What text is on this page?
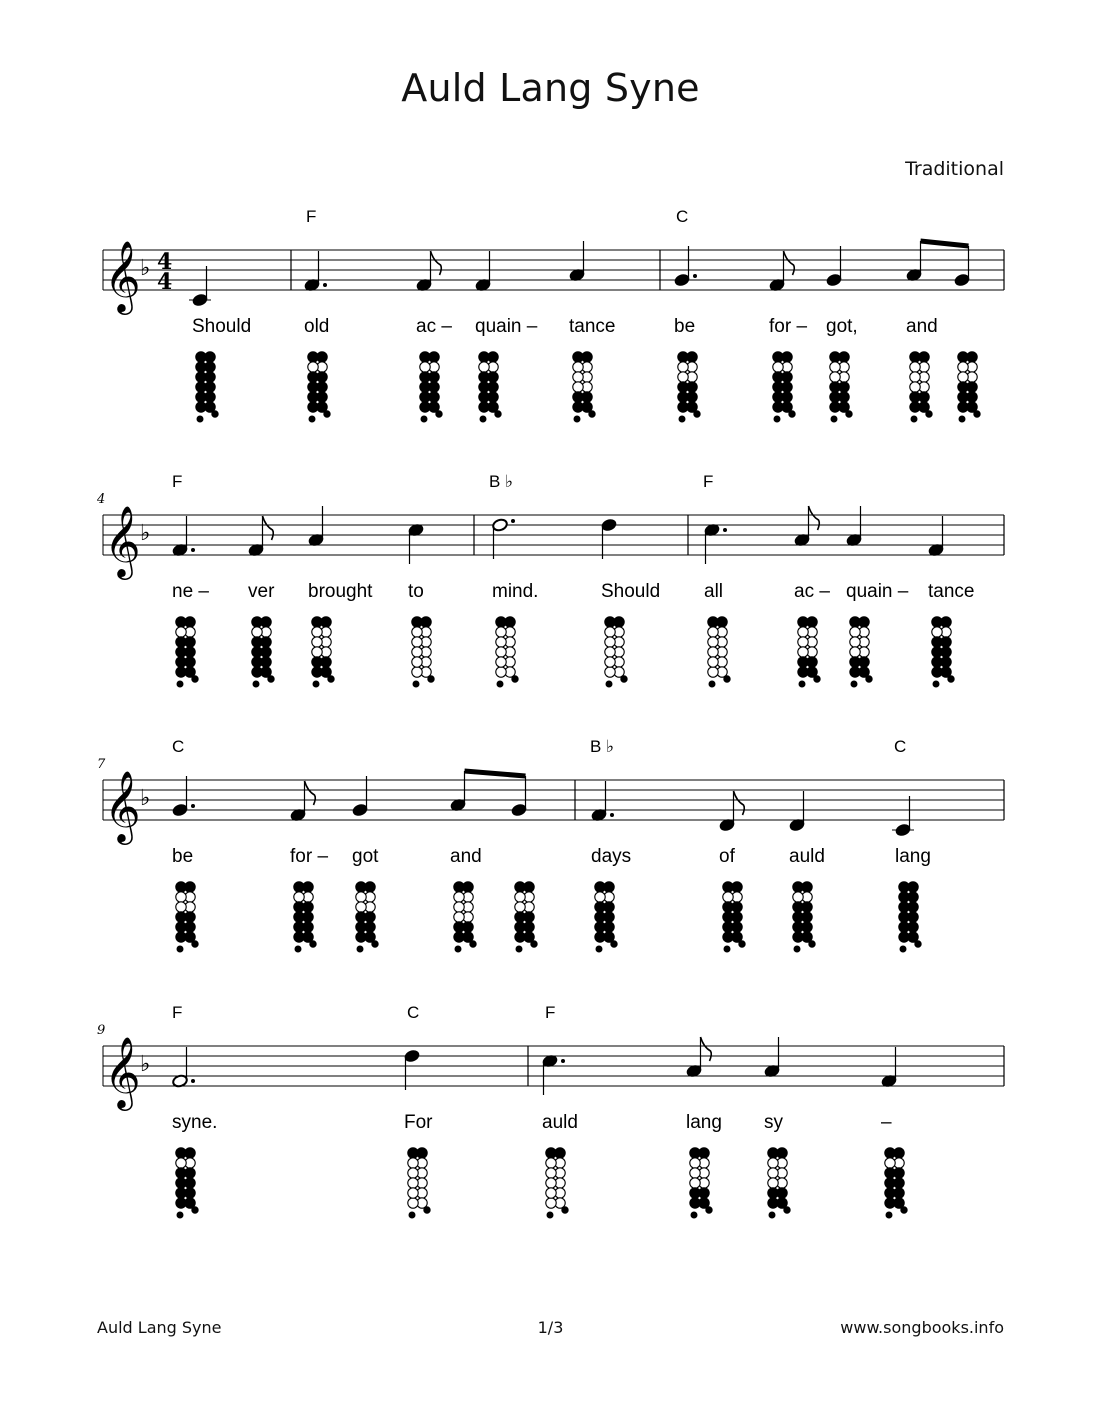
Auld Lang Syne
Traditional
𝄞 ♭ 4
4
F	C
Should	old	ac – quain – tance	be	for – got,	and
𝄞 ♭
4
F	B ♭	F
ne – ver brought to	mind.	Should all	ac – quain – tance
𝄞 ♭
7
C	B ♭	C
be	for – got	and	days	of	auld	lang
𝄞 ♭
9
F	F
C
syne.	For	auld	lang sy	–
Auld Lang Syne	1/3	www.songbooks.info
